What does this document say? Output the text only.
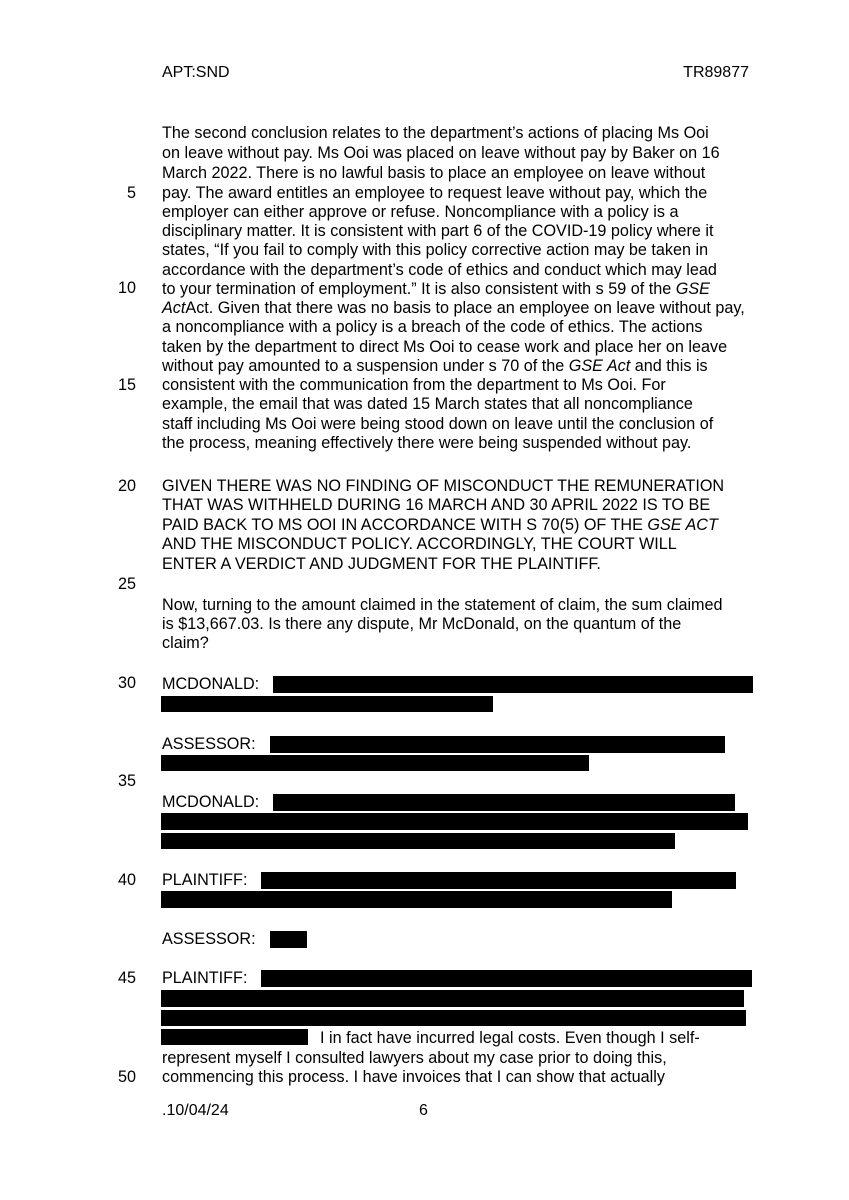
APT:SND	TR89877
5
10
15
20
25
30
35
40
45
50
The second conclusion relates to the department’s actions of placing Ms Ooi
on leave without pay. Ms Ooi was placed on leave without pay by Baker on 16
March 2022. There is no lawful basis to place an employee on leave without
pay. The award entitles an employee to request leave without pay, which the
employer can either approve or refuse. Noncompliance with a policy is a
disciplinary matter. It is consistent with part 6 of the COVID-19 policy where it
states, “If you fail to comply with this policy corrective action may be taken in
accordance with the department’s code of ethics and conduct which may lead
to your termination of employment.” It is also consistent with s 59 of the GSE
ActAct. Given that there was no basis to place an employee on leave without pay,
a noncompliance with a policy is a breach of the code of ethics. The actions
taken by the department to direct Ms Ooi to cease work and place her on leave
without pay amounted to a suspension under s 70 of the GSE Act and this is
consistent with the communication from the department to Ms Ooi. For
example, the email that was dated 15 March states that all noncompliance
staff including Ms Ooi were being stood down on leave until the conclusion of
the process, meaning effectively there were being suspended without pay.
GIVEN THERE WAS NO FINDING OF MISCONDUCT THE REMUNERATION
THAT WAS WITHHELD DURING 16 MARCH AND 30 APRIL 2022 IS TO BE
PAID BACK TO MS OOI IN ACCORDANCE WITH S 70(5) OF THE GSE ACT
AND THE MISCONDUCT POLICY. ACCORDINGLY, THE COURT WILL
ENTER A VERDICT AND JUDGMENT FOR THE PLAINTIFF.
Now, turning to the amount claimed in the statement of claim, the sum claimed
is $13,667.03. Is there any dispute, Mr McDonald, on the quantum of the
claim?
MCDONALD:
ASSESSOR:
MCDONALD:
PLAINTIFF:
ASSESSOR:
PLAINTIFF:
I in fact have incurred legal costs. Even though I self-
represent myself I consulted lawyers about my case prior to doing this,
commencing this process. I have invoices that I can show that actually
.10/04/24	6
